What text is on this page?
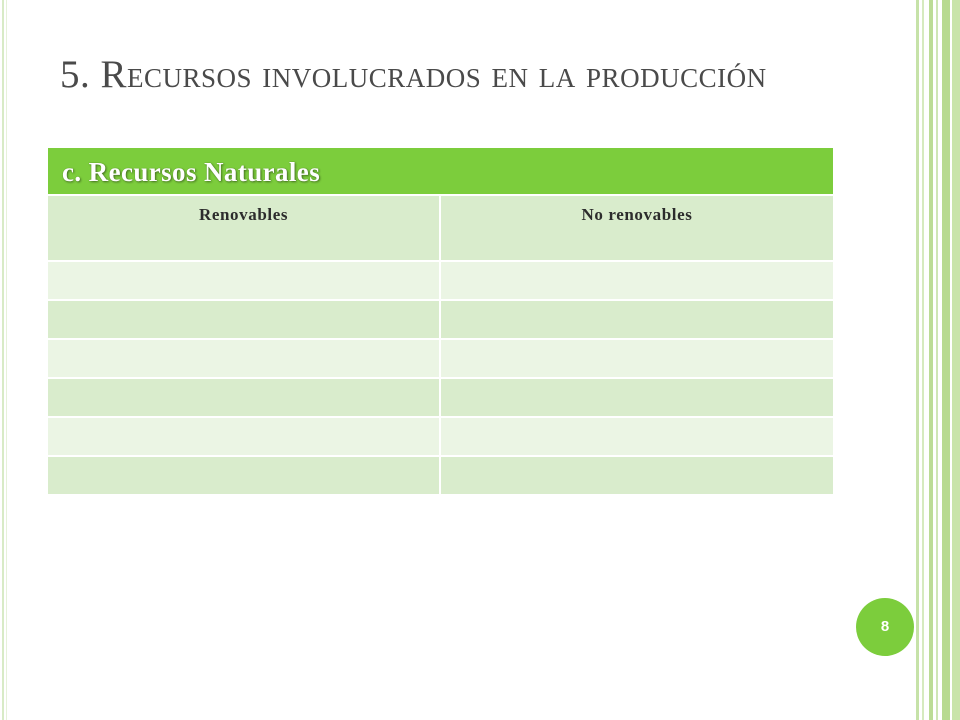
5. Recursos involucrados en la producción
c. Recursos Naturales
Renovables	No renovables
8
